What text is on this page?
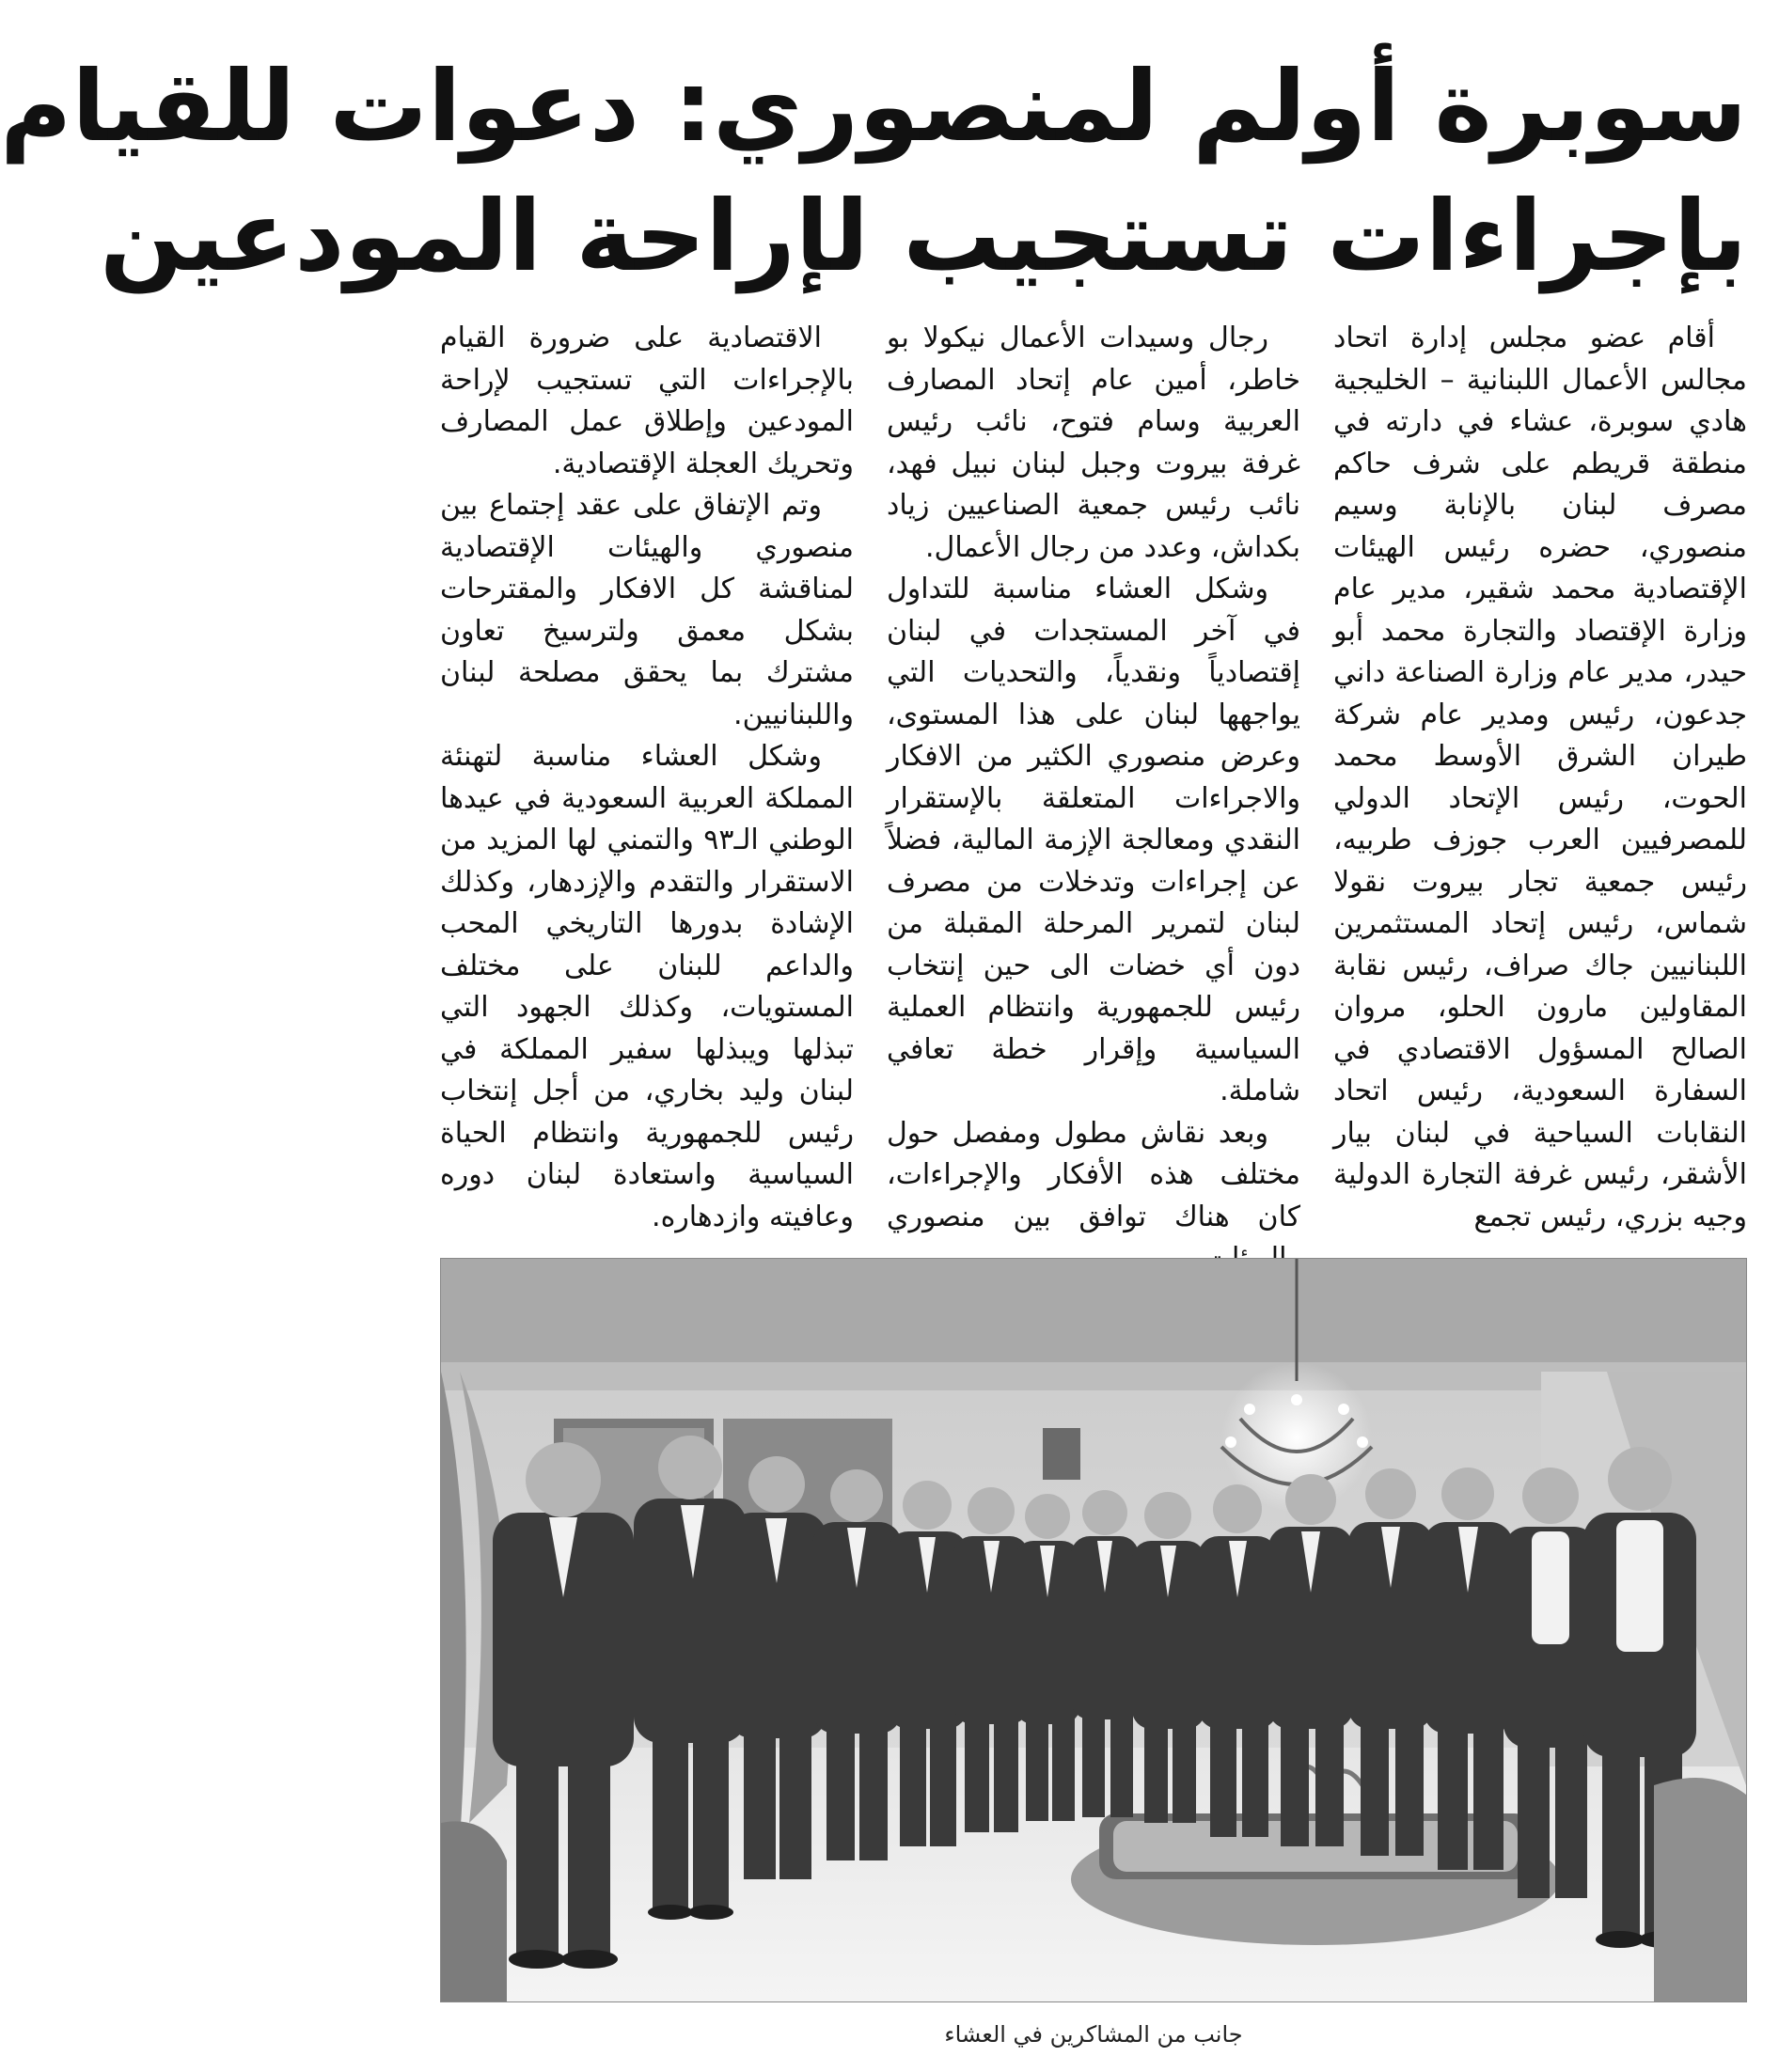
سوبرة أولم لمنصوري: دعوات للقيام
بإجراءات تستجيب لإراحة المودعين

أقام عضو مجلس إدارة اتحاد مجالس الأعمال اللبنانية – الخليجية هادي سوبرة، عشاء في دارته في منطقة قريطم على شرف حاكم مصرف لبنان بالإنابة وسيم منصوري، حضره رئيس الهيئات الإقتصادية محمد شقير، مدير عام وزارة الإقتصاد والتجارة محمد أبو حيدر، مدير عام وزارة الصناعة داني جدعون، رئيس ومدير عام شركة طيران الشرق الأوسط محمد الحوت، رئيس الإتحاد الدولي للمصرفيين العرب جوزف طربيه، رئيس جمعية تجار بيروت نقولا شماس، رئيس إتحاد المستثمرين اللبنانيين جاك صراف، رئيس نقابة المقاولين مارون الحلو، مروان الصالح المسؤول الاقتصادي في السفارة السعودية، رئيس اتحاد النقابات السياحية في لبنان بيار الأشقر، رئيس غرفة التجارة الدولية وجيه بزري، رئيس تجمع

رجال وسيدات الأعمال نيكولا بو خاطر، أمين عام إتحاد المصارف العربية وسام فتوح، نائب رئيس غرفة بيروت وجبل لبنان نبيل فهد، نائب رئيس جمعية الصناعيين زياد بكداش، وعدد من رجال الأعمال.

وشكل العشاء مناسبة للتداول في آخر المستجدات في لبنان إقتصادياً ونقدياً، والتحديات التي يواجهها لبنان على هذا المستوى، وعرض منصوري الكثير من الافكار والاجراءات المتعلقة بالإستقرار النقدي ومعالجة الإزمة المالية، فضلاً عن إجراءات وتدخلات من مصرف لبنان لتمرير المرحلة المقبلة من دون أي خضات الى حين إنتخاب رئيس للجمهورية وانتظام العملية السياسية وإقرار خطة تعافي شاملة.

وبعد نقاش مطول ومفصل حول مختلف هذه الأفكار والإجراءات، كان هناك توافق بين منصوري

الاقتصادية على ضرورة القيام بالإجراءات التي تستجيب لإراحة المودعين وإطلاق عمل المصارف وتحريك العجلة الإقتصادية.

وتم الإتفاق على عقد إجتماع بين منصوري والهيئات الإقتصادية لمناقشة كل الافكار والمقترحات بشكل معمق ولترسيخ تعاون مشترك بما يحقق مصلحة لبنان واللبنانيين.

وشكل العشاء مناسبة لتهنئة المملكة العربية السعودية في عيدها الوطني الـ٩٣ والتمني لها المزيد من الاستقرار والتقدم والإزدهار، وكذلك الإشادة بدورها التاريخي المحب والداعم للبنان على مختلف المستويات، وكذلك الجهود التي تبذلها ويبذلها سفير المملكة في لبنان وليد بخاري، من أجل إنتخاب رئيس للجمهورية وانتظام الحياة السياسية واستعادة لبنان دوره وعافيته وازدهاره.

جانب من المشاكرين في العشاء
